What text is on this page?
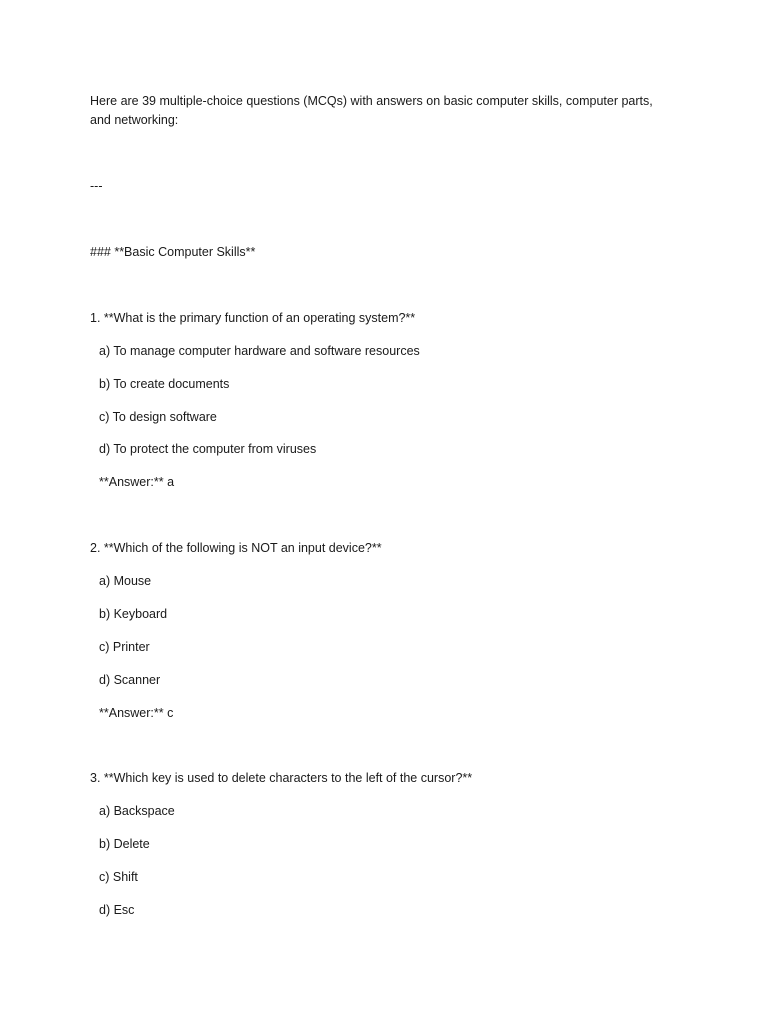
Here are 39 multiple-choice questions (MCQs) with answers on basic computer skills, computer parts,
and networking:
---
### **Basic Computer Skills**
1. **What is the primary function of an operating system?**
a) To manage computer hardware and software resources
b) To create documents
c) To design software
d) To protect the computer from viruses
**Answer:** a
2. **Which of the following is NOT an input device?**
a) Mouse
b) Keyboard
c) Printer
d) Scanner
**Answer:** c
3. **Which key is used to delete characters to the left of the cursor?**
a) Backspace
b) Delete
c) Shift
d) Esc
